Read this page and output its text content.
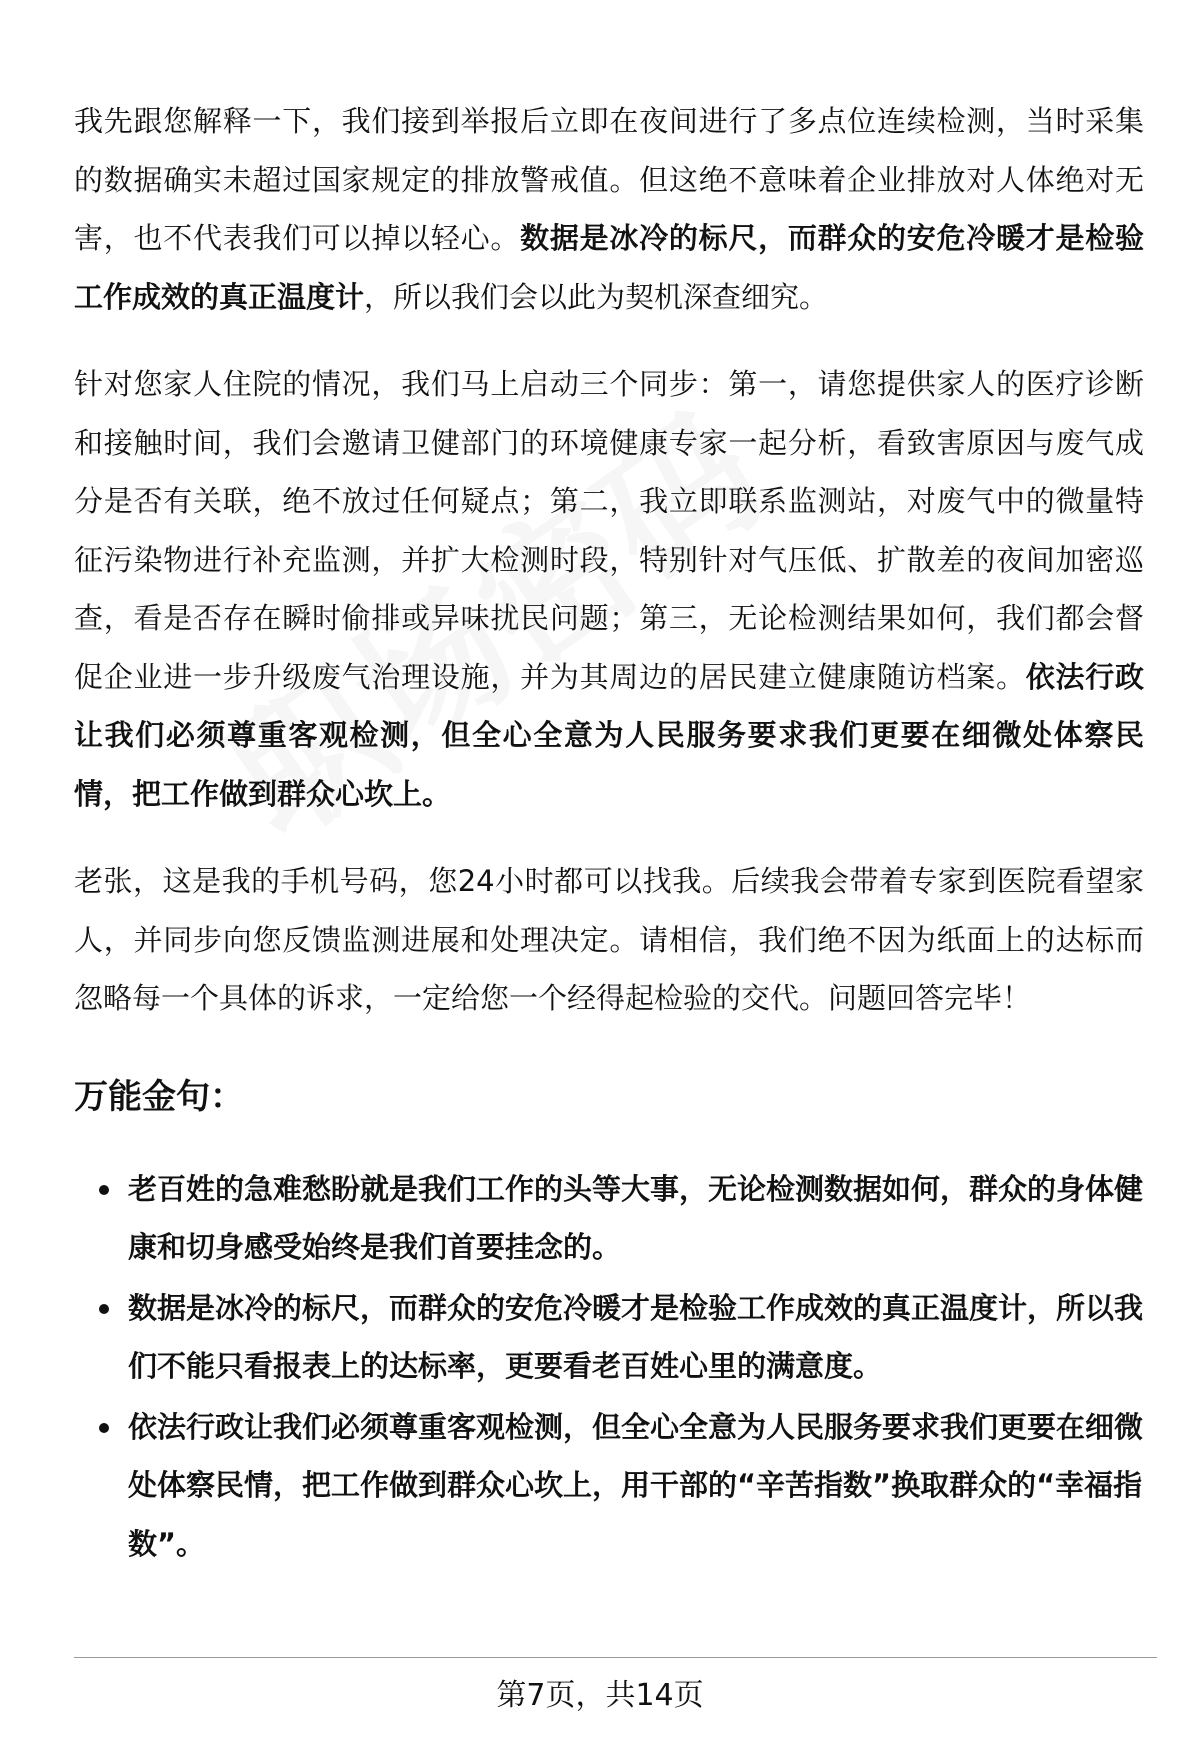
我先跟您解释一下，我们接到举报后立即在夜间进行了多点位连续检测，当时采集的数据确实未超过国家规定的排放警戒值。但这绝不意味着企业排放对人体绝对无害，也不代表我们可以掉以轻心。数据是冰冷的标尺，而群众的安危冷暖才是检验工作成效的真正温度计，所以我们会以此为契机深查细究。

针对您家人住院的情况，我们马上启动三个同步：第一，请您提供家人的医疗诊断和接触时间，我们会邀请卫健部门的环境健康专家一起分析，看致害原因与废气成分是否有关联，绝不放过任何疑点；第二，我立即联系监测站，对废气中的微量特征污染物进行补充监测，并扩大检测时段，特别针对气压低、扩散差的夜间加密巡查，看是否存在瞬时偷排或异味扰民问题；第三，无论检测结果如何，我们都会督促企业进一步升级废气治理设施，并为其周边的居民建立健康随访档案。依法行政让我们必须尊重客观检测，但全心全意为人民服务要求我们更要在细微处体察民情，把工作做到群众心坎上。

老张，这是我的手机号码，您24小时都可以找我。后续我会带着专家到医院看望家人，并同步向您反馈监测进展和处理决定。请相信，我们绝不因为纸面上的达标而忽略每一个具体的诉求，一定给您一个经得起检验的交代。问题回答完毕！

万能金句：
老百姓的急难愁盼就是我们工作的头等大事，无论检测数据如何，群众的身体健康和切身感受始终是我们首要挂念的。
数据是冰冷的标尺，而群众的安危冷暖才是检验工作成效的真正温度计，所以我们不能只看报表上的达标率，更要看老百姓心里的满意度。
依法行政让我们必须尊重客观检测，但全心全意为人民服务要求我们更要在细微处体察民情，把工作做到群众心坎上，用干部的“辛苦指数”换取群众的“幸福指数”。
第7页，共14页
